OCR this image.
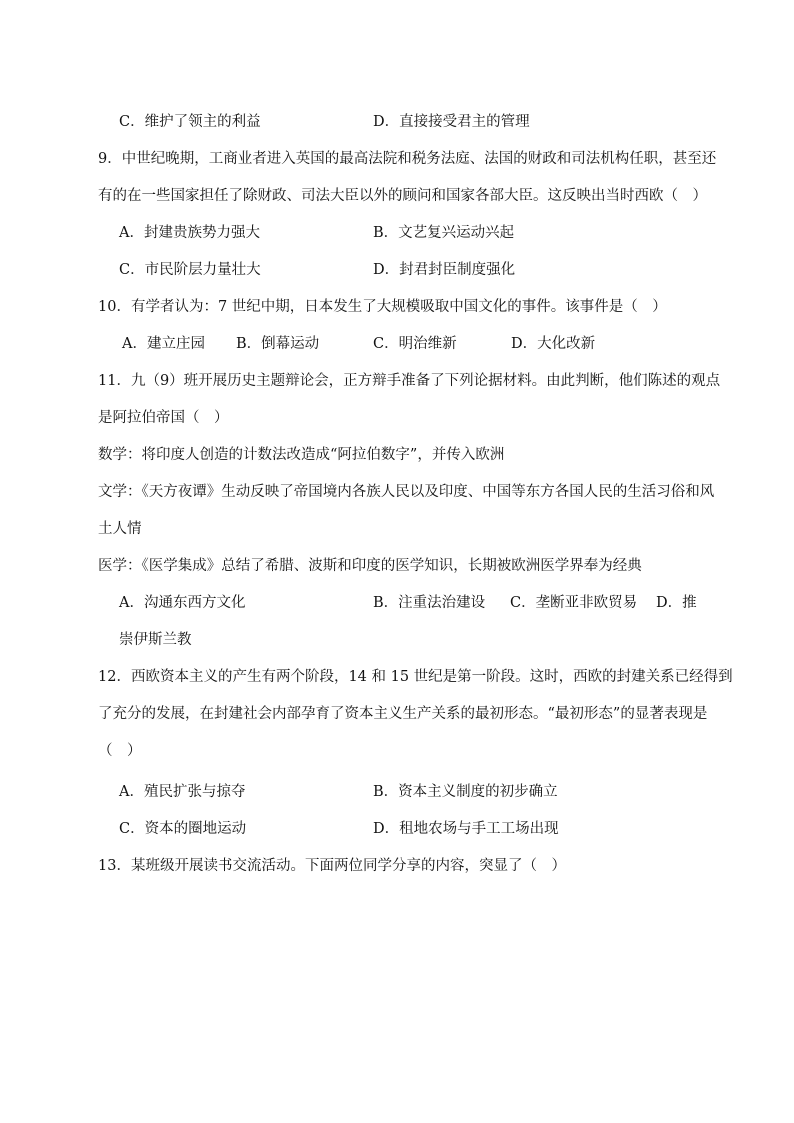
C．维护了领主的利益	D．直接接受君主的管理
9．中世纪晚期，工商业者进入英国的最高法院和税务法庭、法国的财政和司法机构任职，甚至还
有的在一些国家担任了除财政、司法大臣以外的顾问和国家各部大臣。这反映出当时西欧（　）
A．封建贵族势力强大	B．文艺复兴运动兴起
C．市民阶层力量壮大	D．封君封臣制度强化
10．有学者认为：7 世纪中期，日本发生了大规模吸取中国文化的事件。该事件是（　）
A．建立庄园 B．倒幕运动	C．明治维新	D．大化改新
11．九（9）班开展历史主题辩论会，正方辩手准备了下列论据材料。由此判断，他们陈述的观点
是阿拉伯帝国（　）
数学：将印度人创造的计数法改造成“阿拉伯数字”，并传入欧洲
文学：《天方夜谭》生动反映了帝国境内各族人民以及印度、中国等东方各国人民的生活习俗和风
土人情
医学：《医学集成》总结了希腊、波斯和印度的医学知识，长期被欧洲医学界奉为经典
A．沟通东西方文化	B．注重法治建设 C．垄断亚非欧贸易 D．推
崇伊斯兰教
12．西欧资本主义的产生有两个阶段，14 和 15 世纪是第一阶段。这时，西欧的封建关系已经得到
了充分的发展，在封建社会内部孕育了资本主义生产关系的最初形态。“最初形态”的显著表现是
（　）
A．殖民扩张与掠夺	B．资本主义制度的初步确立
C．资本的圈地运动	D．租地农场与手工工场出现
13．某班级开展读书交流活动。下面两位同学分享的内容，突显了（　）
